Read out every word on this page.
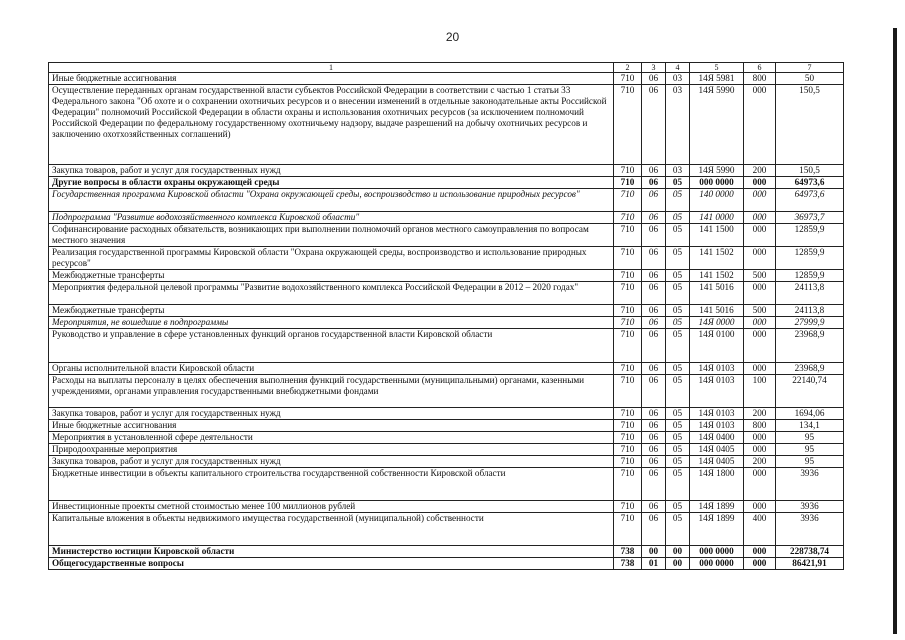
20
1	2	3	4	5	6	7
Иные бюджетные ассигнования	710	06	03	14Я 5981	800	50
Осуществление переданных органам государственной власти субъектов Российской Федерации в соответствии с частью 1 статьи 33 Федерального закона "Об охоте и о сохранении охотничьих ресурсов и о внесении изменений в отдельные законодательные акты Российской Федерации" полномочий Российской Федерации в области охраны и использования охотничьих ресурсов (за исключением полномочий Российской Федерации по федеральному государственному охотничьему надзору, выдаче разрешений на добычу охотничьих ресурсов и заключению охотхозяйственных соглашений)	710	06	03	14Я 5990	000	150,5
Закупка товаров, работ и услуг для государственных нужд	710	06	03	14Я 5990	200	150,5
Другие вопросы в области охраны окружающей среды	710	06	05	000 0000	000	64973,6
Государственная программа Кировской области "Охрана окружающей среды, воспроизводство и использование природных ресурсов"	710	06	05	140 0000	000	64973,6
Подпрограмма "Развитие водохозяйственного комплекса Кировской области"	710	06	05	141 0000	000	36973,7
Софинансирование расходных обязательств, возникающих при выполнении полномочий органов местного самоуправления по вопросам местного значения	710	06	05	141 1500	000	12859,9
Реализация государственной программы Кировской области "Охрана окружающей среды, воспроизводство и использование природных ресурсов"	710	06	05	141 1502	000	12859,9
Межбюджетные трансферты	710	06	05	141 1502	500	12859,9
Мероприятия федеральной целевой программы "Развитие водохозяйственного комплекса Российской Федерации в 2012 – 2020 годах"	710	06	05	141 5016	000	24113,8
Межбюджетные трансферты	710	06	05	141 5016	500	24113,8
Мероприятия, не вошедшие в подпрограммы	710	06	05	14Я 0000	000	27999,9
Руководство и управление в сфере установленных функций органов государственной власти Кировской области	710	06	05	14Я 0100	000	23968,9
Органы исполнительной власти Кировской области	710	06	05	14Я 0103	000	23968,9
Расходы на выплаты персоналу в целях обеспечения выполнения функций государственными (муниципальными) органами, казенными учреждениями, органами управления государственными внебюджетными фондами	710	06	05	14Я 0103	100	22140,74
Закупка товаров, работ и услуг для государственных нужд	710	06	05	14Я 0103	200	1694,06
Иные бюджетные ассигнования	710	06	05	14Я 0103	800	134,1
Мероприятия в установленной сфере деятельности	710	06	05	14Я 0400	000	95
Природоохранные мероприятия	710	06	05	14Я 0405	000	95
Закупка товаров, работ и услуг для государственных нужд	710	06	05	14Я 0405	200	95
Бюджетные инвестиции в объекты капитального строительства государственной собственности Кировской области	710	06	05	14Я 1800	000	3936
Инвестиционные проекты сметной стоимостью менее 100 миллионов рублей	710	06	05	14Я 1899	000	3936
Капитальные вложения в объекты недвижимого имущества государственной (муниципальной) собственности	710	06	05	14Я 1899	400	3936
Министерство юстиции Кировской области	738	00	00	000 0000	000	228738,74
Общегосударственные вопросы	738	01	00	000 0000	000	86421,91
